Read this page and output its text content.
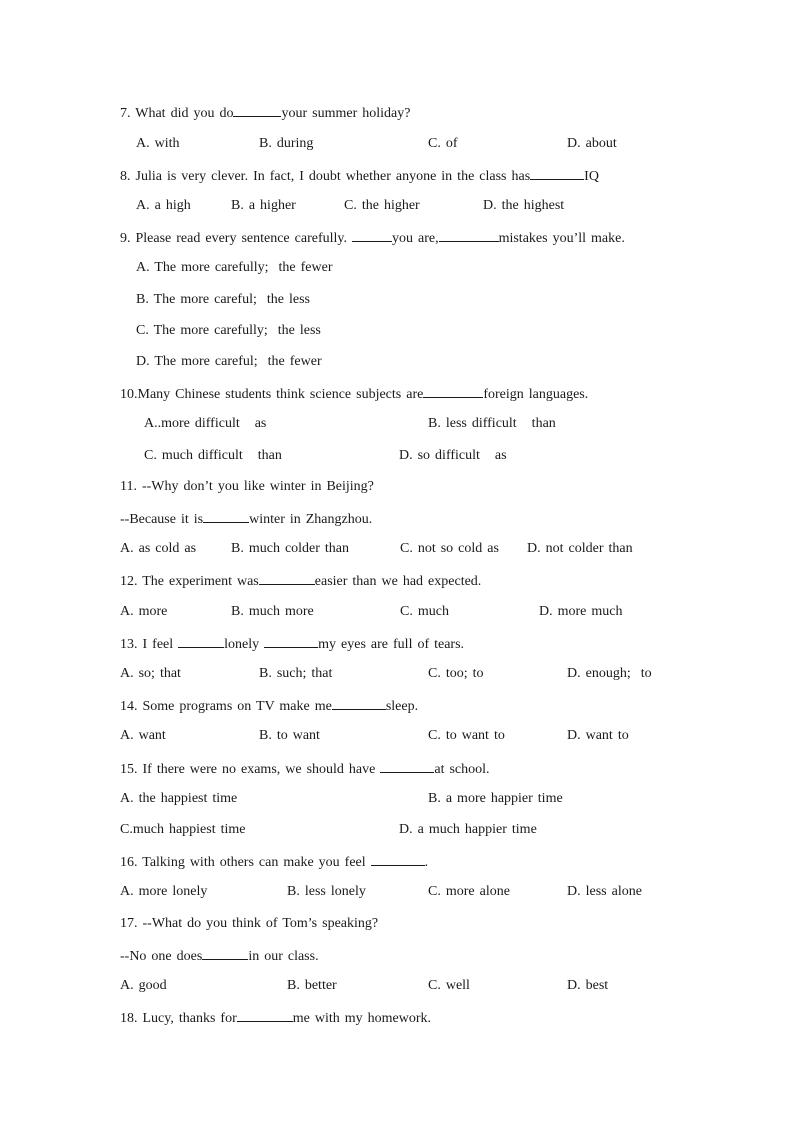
7. What did you do	your summer holiday?
A. with	B. during	C. of	D. about
8. Julia is very clever. In fact, I doubt whether anyone in the class has	IQ
A. a high	B. a higher	C. the higher	D. the highest
9. Please read every sentence carefully.	you are,	mistakes you’ll make.
A. The more carefully;  the fewer
B. The more careful;  the less
C. The more carefully;  the less
D. The more careful;  the fewer
10.Many Chinese students think science subjects are	foreign languages.
A..more difficult   as	B. less difficult   than
C. much difficult   than	D. so difficult   as
11. --Why don’t you like winter in Beijing?
--Because it is	winter in Zhangzhou.
A. as cold as B. much colder than	C. not so cold as D. not colder than
12. The experiment was	easier than we had expected.
A. more	B. much more	C. much	D. more much
13. I feel	lonely	my eyes are full of tears.
A. so; that	B. such; that	C. too; to	D. enough;  to
14. Some programs on TV make me	sleep.
A. want	B. to want	C. to want to	D. want to
15. If there were no exams, we should have	at school.
A. the happiest time	B. a more happier time
C.much happiest time	D. a much happier time
16. Talking with others can make you feel	.
A. more lonely	B. less lonely	C. more alone	D. less alone
17. --What do you think of Tom’s speaking?
--No one does	in our class.
A. good	B. better	C. well	D. best
18. Lucy, thanks for	me with my homework.
